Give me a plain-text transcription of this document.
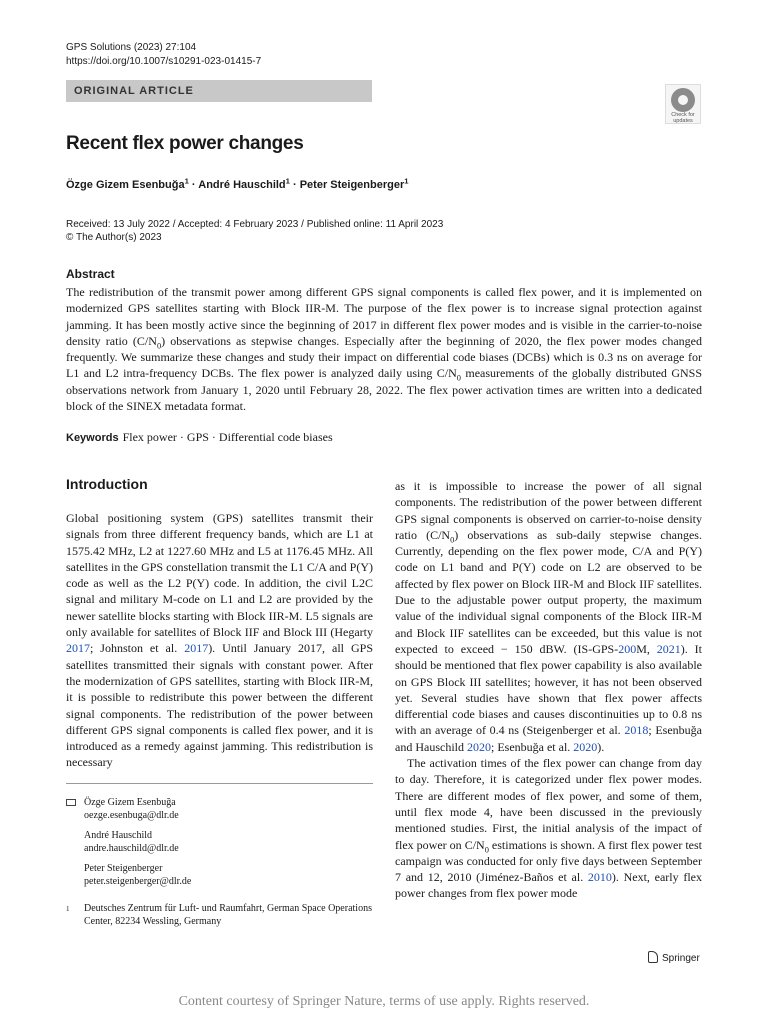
GPS Solutions (2023) 27:104
https://doi.org/10.1007/s10291-023-01415-7
ORIGINAL ARTICLE
Check for
updates
Recent flex power changes
Özge Gizem Esenbuğa$^1$ · André Hauschild$^1$ · Peter Steigenberger$^1$
Received: 13 July 2022 / Accepted: 4 February 2023 / Published online: 11 April 2023
© The Author(s) 2023
Abstract
The redistribution of the transmit power among different GPS signal components is called flex power, and it is implemented on modernized GPS satellites starting with Block IIR-M. The purpose of the flex power is to increase signal protection against jamming. It has been mostly active since the beginning of 2017 in different flex power modes and is visible in the carrier-to-noise density ratio $(C/N_0)$ observations as stepwise changes. Especially after the beginning of 2020, the flex power modes changed frequently. We summarize these changes and study their impact on differential code biases (DCBs) which is 0.3 ns on average for L1 and L2 intra-frequency DCBs. The flex power is analyzed daily using $C/N_0$ measurements of the globally distributed GNSS observations network from January 1, 2020 until February 28, 2022. The flex power activation times are written into a dedicated block of the SINEX metadata format.
Keywords Flex power · GPS · Differential code biases
Introduction
Global positioning system (GPS) satellites transmit their signals from three different frequency bands, which are L1 at 1575.42 MHz, L2 at 1227.60 MHz and L5 at 1176.45 MHz. All satellites in the GPS constellation transmit the L1 C/A and P(Y) code as well as the L2 P(Y) code. In addition, the civil L2C signal and military M-code on L1 and L2 are provided by the newer satellite blocks starting with Block IIR-M. L5 signals are only available for satellites of Block IIF and Block III (Hegarty 2017; Johnston et al. 2017). Until January 2017, all GPS satellites transmitted their signals with constant power. After the modernization of GPS satellites, starting with Block IIR-M, it is possible to redistribute this power between the different signal components. The redistribution of the power between different GPS signal components is called flex power, and it is introduced as a remedy against jamming. This redistribution is necessary
as it is impossible to increase the power of all signal components. The redistribution of the power between different GPS signal components is observed on carrier-to-noise density ratio $(C/N_0)$ observations as sub-daily stepwise changes. Currently, depending on the flex power mode, C/A and P(Y) code on L1 band and P(Y) code on L2 are observed to be affected by flex power on Block IIR-M and Block IIF satellites. Due to the adjustable power output property, the maximum value of the individual signal components of the Block IIR-M and Block IIF satellites can be exceeded, but this value is not expected to exceed − 150 dBW. (IS-GPS-200M, 2021). It should be mentioned that flex power capability is also available on GPS Block III satellites; however, it has not been observed yet. Several studies have shown that flex power affects differential code biases and causes discontinuities up to 0.8 ns with an average of 0.4 ns (Steigenberger et al. 2018; Esenbuğa and Hauschild 2020; Esenbuğa et al. 2020).
The activation times of the flex power can change from day to day. Therefore, it is categorized under flex power modes. There are different modes of flex power, and some of them, until flex mode 4, have been discussed in the previously mentioned studies. First, the initial analysis of the impact of flex power on $C/N_0$ estimations is shown. A first flex power test campaign was conducted for only five days between September 7 and 12, 2010 (Jiménez-Baños et al. 2010). Next, early flex power changes from flex power mode
Özge Gizem Esenbuğa
oezge.esenbuga@dlr.de
André Hauschild
andre.hauschild@dlr.de
Peter Steigenberger
peter.steigenberger@dlr.de
1 Deutsches Zentrum für Luft- und Raumfahrt, German Space Operations Center, 82234 Wessling, Germany
Springer
Content courtesy of Springer Nature, terms of use apply. Rights reserved.
